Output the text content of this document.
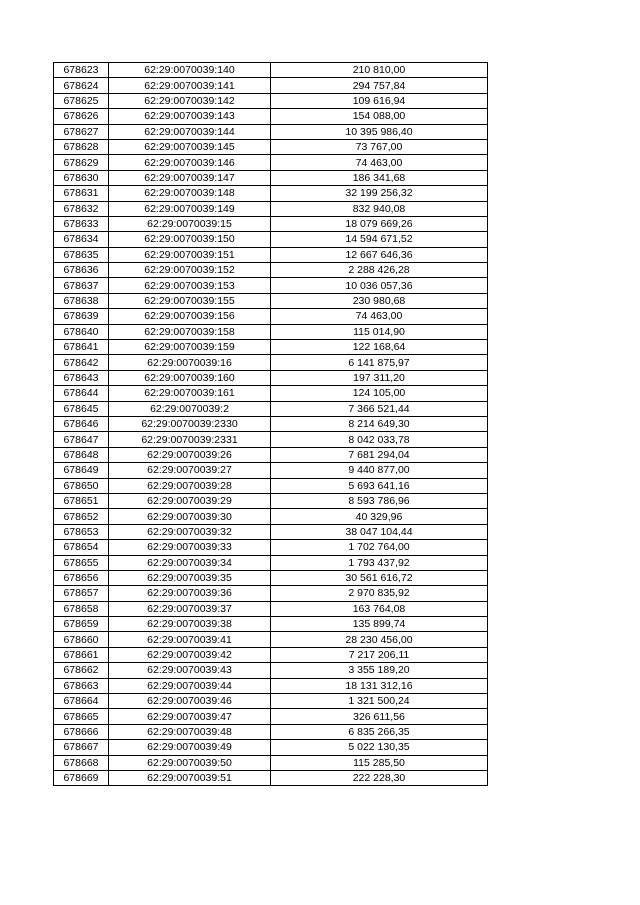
678623	62:29:0070039:140	210 810,00
678624	62:29:0070039:141	294 757,84
678625	62:29:0070039:142	109 616,94
678626	62:29:0070039:143	154 088,00
678627	62:29:0070039:144	10 395 986,40
678628	62:29:0070039:145	73 767,00
678629	62:29:0070039:146	74 463,00
678630	62:29:0070039:147	186 341,68
678631	62:29:0070039:148	32 199 256,32
678632	62:29:0070039:149	832 940,08
678633	62:29:0070039:15	18 079 669,26
678634	62:29:0070039:150	14 594 671,52
678635	62:29:0070039:151	12 667 646,36
678636	62:29:0070039:152	2 288 426,28
678637	62:29:0070039:153	10 036 057,36
678638	62:29:0070039:155	230 980,68
678639	62:29:0070039:156	74 463,00
678640	62:29:0070039:158	115 014,90
678641	62:29:0070039:159	122 168,64
678642	62:29:0070039:16	6 141 875,97
678643	62:29:0070039:160	197 311,20
678644	62:29:0070039:161	124 105,00
678645	62:29:0070039:2	7 366 521,44
678646	62:29:0070039:2330	8 214 649,30
678647	62:29:0070039:2331	8 042 033,78
678648	62:29:0070039:26	7 681 294,04
678649	62:29:0070039:27	9 440 877,00
678650	62:29:0070039:28	5 693 641,16
678651	62:29:0070039:29	8 593 786,96
678652	62:29:0070039:30	40 329,96
678653	62:29:0070039:32	38 047 104,44
678654	62:29:0070039:33	1 702 764,00
678655	62:29:0070039:34	1 793 437,92
678656	62:29:0070039:35	30 561 616,72
678657	62:29:0070039:36	2 970 835,92
678658	62:29:0070039:37	163 764,08
678659	62:29:0070039:38	135 899,74
678660	62:29:0070039:41	28 230 456,00
678661	62:29:0070039:42	7 217 206,11
678662	62:29:0070039:43	3 355 189,20
678663	62:29:0070039:44	18 131 312,16
678664	62:29:0070039:46	1 321 500,24
678665	62:29:0070039:47	326 611,56
678666	62:29:0070039:48	6 835 266,35
678667	62:29:0070039:49	5 022 130,35
678668	62:29:0070039:50	115 285,50
678669	62:29:0070039:51	222 228,30
